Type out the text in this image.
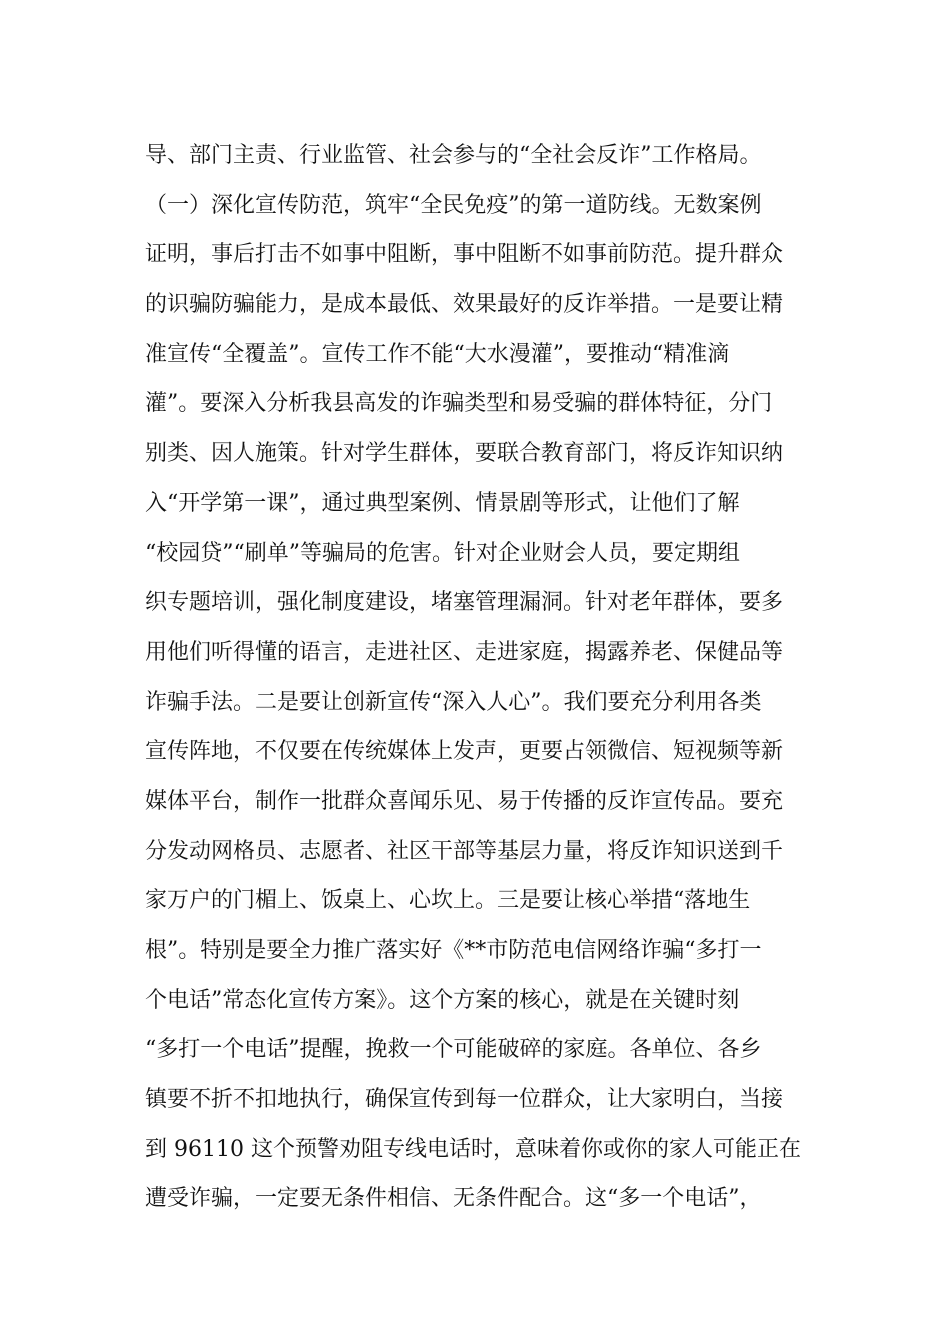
导、部门主责、行业监管、社会参与的“全社会反诈”工作格局。
（一）深化宣传防范，筑牢“全民免疫”的第一道防线。无数案例
证明，事后打击不如事中阻断，事中阻断不如事前防范。提升群众
的识骗防骗能力，是成本最低、效果最好的反诈举措。一是要让精
准宣传“全覆盖”。宣传工作不能“大水漫灌”，要推动“精准滴
灌”。要深入分析我县高发的诈骗类型和易受骗的群体特征，分门
别类、因人施策。针对学生群体，要联合教育部门，将反诈知识纳
入“开学第一课”，通过典型案例、情景剧等形式，让他们了解
“校园贷”“刷单”等骗局的危害。针对企业财会人员，要定期组
织专题培训，强化制度建设，堵塞管理漏洞。针对老年群体，要多
用他们听得懂的语言，走进社区、走进家庭，揭露养老、保健品等
诈骗手法。二是要让创新宣传“深入人心”。我们要充分利用各类
宣传阵地，不仅要在传统媒体上发声，更要占领微信、短视频等新
媒体平台，制作一批群众喜闻乐见、易于传播的反诈宣传品。要充
分发动网格员、志愿者、社区干部等基层力量，将反诈知识送到千
家万户的门楣上、饭桌上、心坎上。三是要让核心举措“落地生
根”。特别是要全力推广落实好《**市防范电信网络诈骗“多打一
个电话”常态化宣传方案》。这个方案的核心，就是在关键时刻
“多打一个电话”提醒，挽救一个可能破碎的家庭。各单位、各乡
镇要不折不扣地执行，确保宣传到每一位群众，让大家明白，当接
到 96110 这个预警劝阻专线电话时，意味着你或你的家人可能正在
遭受诈骗，一定要无条件相信、无条件配合。这“多一个电话”，
